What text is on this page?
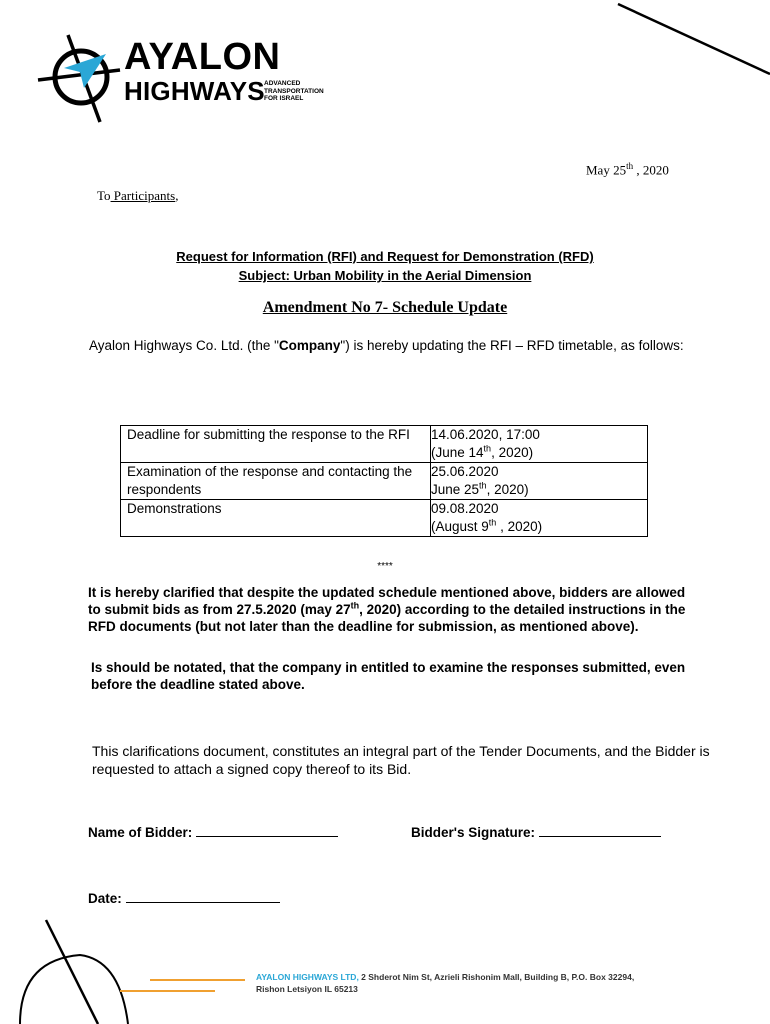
AYALON
HIGHWAYS ADVANCED
TRANSPORTATION
FOR ISRAEL
May 25th , 2020
To Participants,
Request for Information (RFI) and Request for Demonstration (RFD)
Subject: Urban Mobility in the Aerial Dimension
Amendment No 7- Schedule Update
Ayalon Highways Co. Ltd. (the "Company") is hereby updating the RFI – RFD timetable, as follows:
Deadline for submitting the response to the RFI	14.06.2020, 17:00
(June 14th, 2020)
Examination of the response and contacting the respondents	25.06.2020
June 25th, 2020)
Demonstrations	09.08.2020
(August 9th , 2020)
****
It is hereby clarified that despite the updated schedule mentioned above, bidders are allowed to submit bids as from 27.5.2020 (may 27th, 2020) according to the detailed instructions in the RFD documents (but not later than the deadline for submission, as mentioned above).
Is should be notated, that the company in entitled to examine the responses submitted, even before the deadline stated above.
This clarifications document, constitutes an integral part of the Tender Documents, and the Bidder is requested to attach a signed copy thereof to its Bid.
Name of Bidder:	Bidder's Signature:
Date:
AYALON HIGHWAYS LTD, 2 Shderot Nim St, Azrieli Rishonim Mall, Building B, P.O. Box 32294,
Rishon Letsiyon IL 65213
